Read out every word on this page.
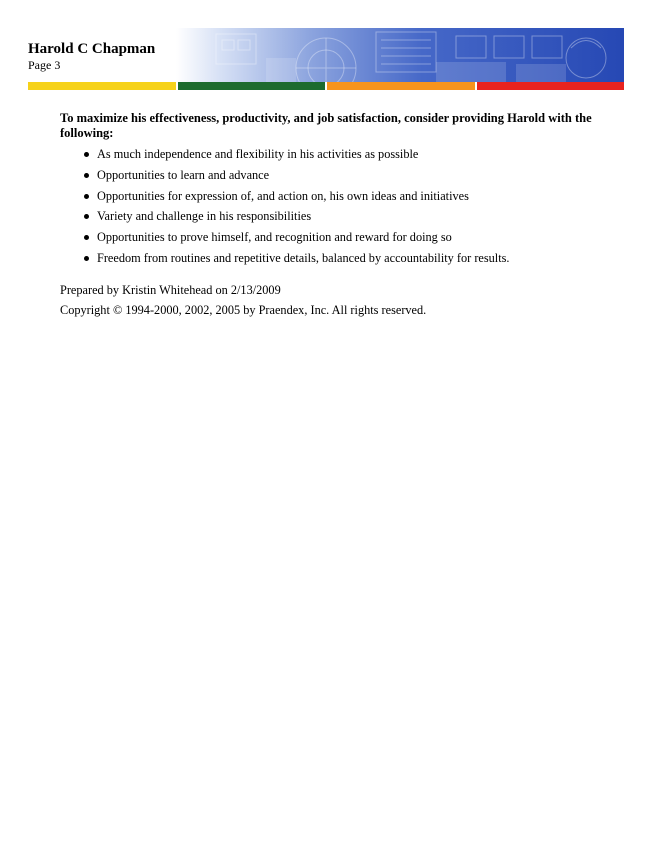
Harold C Chapman
Page 3
To maximize his effectiveness, productivity, and job satisfaction, consider providing Harold with the following:
As much independence and flexibility in his activities as possible
Opportunities to learn and advance
Opportunities for expression of, and action on, his own ideas and initiatives
Variety and challenge in his responsibilities
Opportunities to prove himself, and recognition and reward for doing so
Freedom from routines and repetitive details, balanced by accountability for results.
Prepared by Kristin Whitehead on 2/13/2009
Copyright © 1994-2000, 2002, 2005 by Praendex, Inc. All rights reserved.
